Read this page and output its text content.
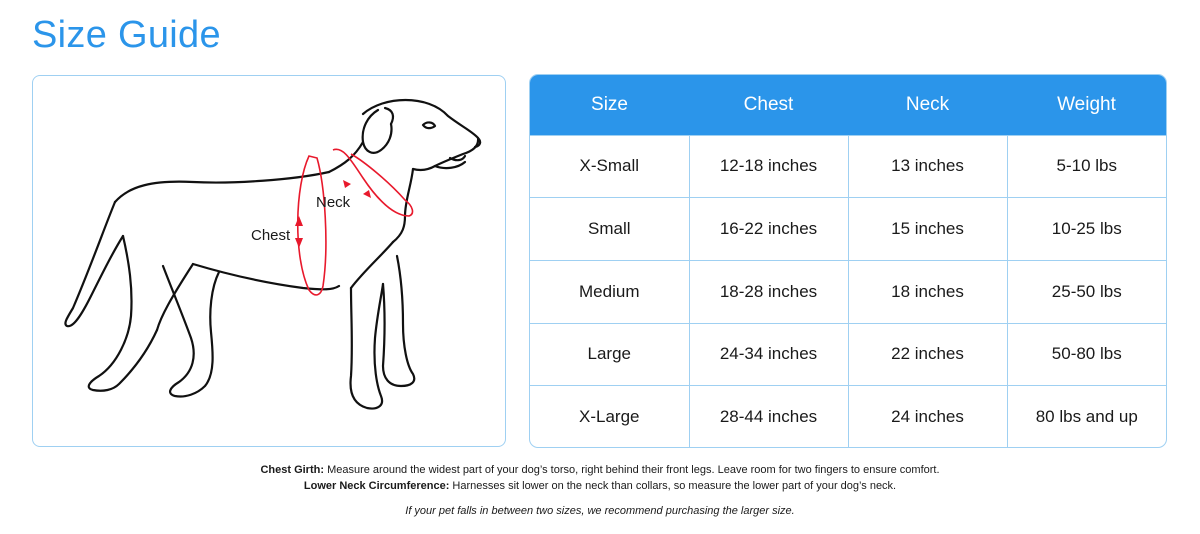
Size Guide
Neck
Chest
Size	Chest	Neck	Weight
X-Small	12-18 inches	13 inches	5-10 lbs
Small	16-22 inches	15 inches	10-25 lbs
Medium	18-28 inches	18 inches	25-50 lbs
Large	24-34 inches	22 inches	50-80 lbs
X-Large	28-44 inches	24 inches	80 lbs and up
Chest Girth: Measure around the widest part of your dog’s torso, right behind their front legs. Leave room for two fingers to ensure comfort.
Lower Neck Circumference: Harnesses sit lower on the neck than collars, so measure the lower part of your dog’s neck.
If your pet falls in between two sizes, we recommend purchasing the larger size.
